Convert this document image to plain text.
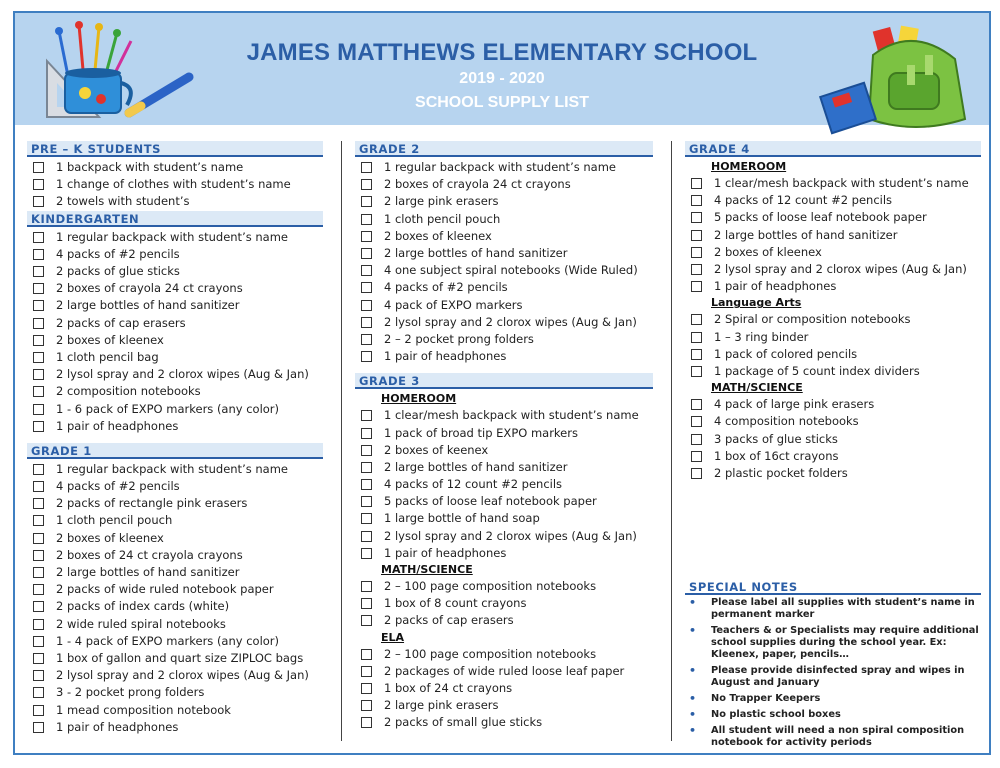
JAMES MATTHEWS ELEMENTARY SCHOOL
2019 - 2020
SCHOOL SUPPLY LIST
PRE – K STUDENTS
1 backpack with student’s name
1 change of clothes with student’s name
2 towels with student’s
KINDERGARTEN
1 regular backpack with student’s name
4 packs of #2 pencils
2 packs of glue sticks
2 boxes of crayola 24 ct crayons
2 large bottles of hand sanitizer
2 packs of cap erasers
2 boxes of kleenex
1 cloth pencil bag
2 lysol spray and 2 clorox wipes (Aug & Jan)
2 composition notebooks
1 - 6 pack of EXPO markers (any color)
1 pair of headphones
GRADE 1
1 regular backpack with student’s name
4 packs of #2 pencils
2 packs of rectangle pink erasers
1 cloth pencil pouch
2 boxes of kleenex
2 boxes of 24 ct crayola crayons
2 large bottles of hand sanitizer
2 packs of wide ruled notebook paper
2 packs of index cards (white)
2 wide ruled spiral notebooks
1 - 4 pack of EXPO markers (any color)
1 box of gallon and quart size ZIPLOC bags
2 lysol spray and 2 clorox wipes (Aug & Jan)
3 - 2 pocket prong folders
1 mead composition notebook
1 pair of headphones
GRADE 2
1 regular backpack with student’s name
2 boxes of crayola 24 ct crayons
2 large pink erasers
1 cloth pencil pouch
2 boxes of kleenex
2 large bottles of hand sanitizer
4 one subject spiral notebooks (Wide Ruled)
4 packs of #2 pencils
4 pack of EXPO markers
2 lysol spray and 2 clorox wipes (Aug & Jan)
2 – 2 pocket prong folders
1 pair of headphones
GRADE 3
HOMEROOM
1 clear/mesh backpack with student’s name
1 pack of broad tip EXPO markers
2 boxes of keenex
2 large bottles of hand sanitizer
4 packs of 12 count #2 pencils
5 packs of loose leaf notebook paper
1 large bottle of hand soap
2 lysol spray and 2 clorox wipes (Aug & Jan)
1 pair of headphones
MATH/SCIENCE
2 – 100 page composition notebooks
1 box of 8 count crayons
2 packs of cap erasers
ELA
2 – 100 page composition notebooks
2 packages of wide ruled loose leaf paper
1 box of 24 ct crayons
2 large pink erasers
2 packs of small glue sticks
GRADE 4
HOMEROOM
1 clear/mesh backpack with student’s name
4 packs of 12 count #2 pencils
5 packs of loose leaf notebook paper
2 large bottles of hand sanitizer
2 boxes of kleenex
2 lysol spray and 2 clorox wipes (Aug & Jan)
1 pair of headphones
Language Arts
2 Spiral or composition notebooks
1 – 3 ring binder
1 pack of colored pencils
1 package of 5 count index dividers
MATH/SCIENCE
4 pack of large pink erasers
4 composition notebooks
3 packs of glue sticks
1 box of 16ct crayons
2 plastic pocket folders
SPECIAL NOTES
•	Please label all supplies with student’s name in permanent marker
•	Teachers & or Specialists may require additional school supplies during the school year. Ex: Kleenex, paper, pencils…
•	Please provide disinfected spray and wipes in August and January
•	No Trapper Keepers
•	No plastic school boxes
•	All student will need a non spiral composition notebook for activity periods
